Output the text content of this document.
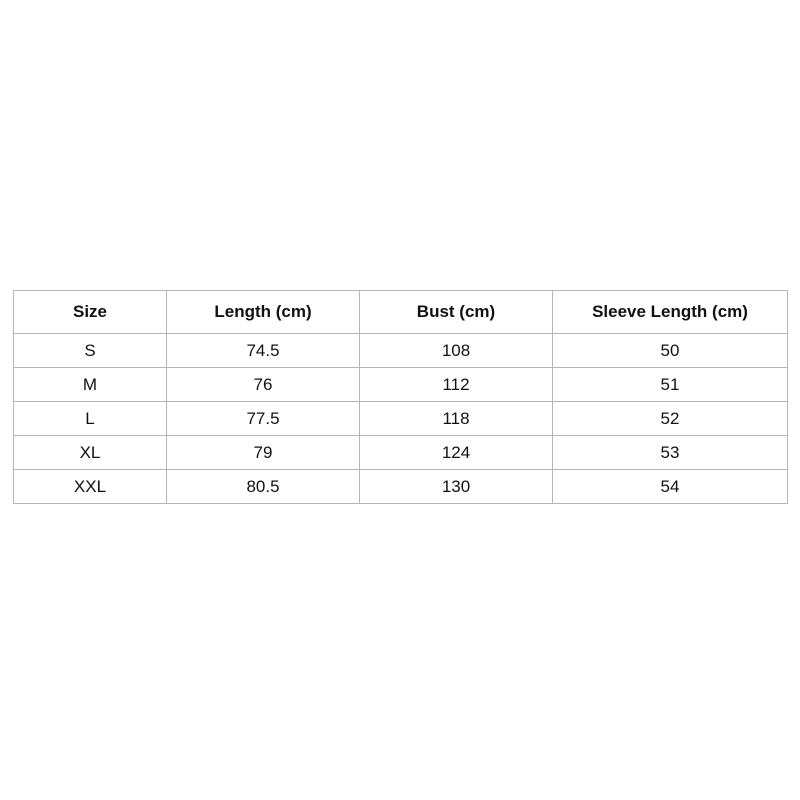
Size	Length (cm)	Bust (cm)	Sleeve Length (cm)
S	74.5	108	50
M	76	112	51
L	77.5	118	52
XL	79	124	53
XXL	80.5	130	54
